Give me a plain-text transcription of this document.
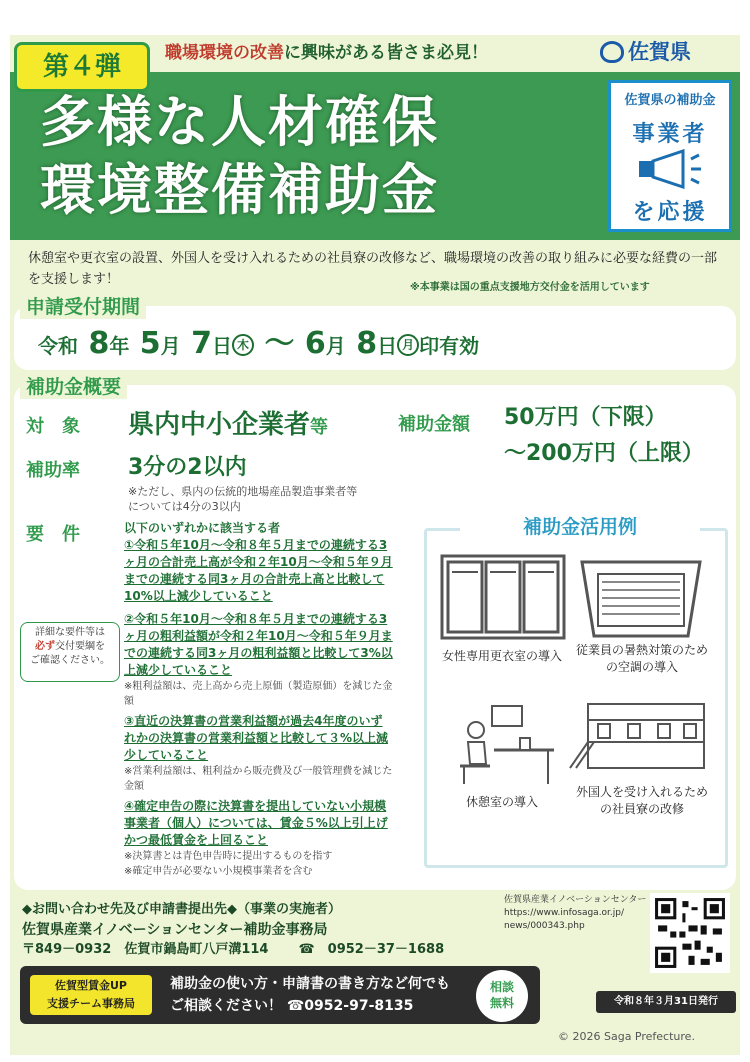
職場環境の改善に興味がある皆さま必見！
第４弾	佐賀県
多様な人材確保
環境整備補助金
佐賀県の補助金
事業者
を応援
休憩室や更衣室の設置、外国人を受け入れるための社員寮の改修など、職場環境の改善の取り組みに必要な経費の一部を支援します！
※本事業は国の重点支援地方交付金を活用しています
申請受付期間
令和 8年 5月 7日 木 〜 6月 8日 月 印有効
補助金概要
対　象 県内中小企業者等	補助金額 50万円（下限）
〜200万円（上限）
補助率 3分の2以内
※ただし、県内の伝統的地場産品製造事業者等
については4分の3以内
要　件	以下のいずれかに該当する者
①令和５年10月～令和８年５月までの連続する3ヶ月の合計売上高が令和２年10月～令和５年９月までの連続する同3ヶ月の合計売上高と比較して10%以上減少していること
②令和５年10月～令和８年５月までの連続する3ヶ月の粗利益額が令和２年10月～令和５年９月までの連続する同3ヶ月の粗利益額と比較して3%以上減少していること
※粗利益額は、売上高から売上原価（製造原価）を減じた金額
③直近の決算書の営業利益額が過去4年度のいずれかの決算書の営業利益額と比較して３%以上減少していること
※営業利益額は、粗利益から販売費及び一般管理費を減じた金額
④確定申告の際に決算書を提出していない小規模事業者（個人）については、賃金５%以上引上げかつ最低賃金を上回ること
※決算書とは青色申告時に提出するものを指す
※確定申告が必要ない小規模事業者を含む
詳細な要件等は
必ず交付要綱を
ご確認ください。
補助金活用例
女性専用更衣室の導入	従業員の暑熱対策のための空調の導入
休憩室の導入
外国人を受け入れるための社員寮の改修
◆お問い合わせ先及び申請書提出先◆（事業の実施者）
佐賀県産業イノベーションセンター補助金事務局
〒849－0932　佐賀市鍋島町八戸溝114 ☎　0952－37－1688
佐賀県産業イノベーションセンター
https://www.infosaga.or.jp/
news/000343.php
佐賀型賃金UP
支援チーム事務局
補助金の使い方・申請書の書き方など何でも
ご相談ください！ ☎0952-97-8135
相談
無料	令和８年３月31日発行
© 2026 Saga Prefecture.
